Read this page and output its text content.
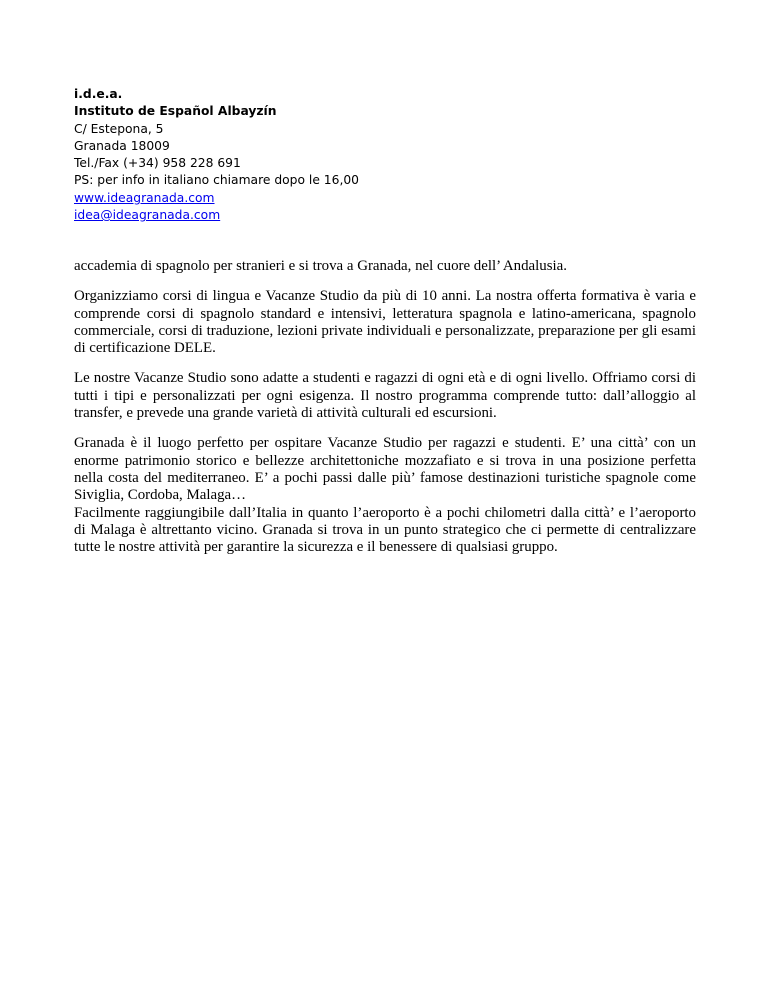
i.d.e.a.
Instituto de Español Albayzín
C/ Estepona, 5
Granada 18009
Tel./Fax (+34) 958 228 691
PS: per info in italiano chiamare dopo le 16,00
www.ideagranada.com
idea@ideagranada.com

accademia di spagnolo per stranieri e si trova a Granada, nel cuore dell’ Andalusia.

Organizziamo corsi di lingua e Vacanze Studio da più di 10 anni. La nostra offerta formativa è varia e comprende corsi di spagnolo standard e intensivi, letteratura spagnola e latino-americana, spagnolo commerciale, corsi di traduzione, lezioni private individuali e personalizzate, preparazione per gli esami di certificazione DELE.

Le nostre Vacanze Studio sono adatte a studenti e ragazzi di ogni età e di ogni livello. Offriamo corsi di tutti i tipi e personalizzati per ogni esigenza. Il nostro programma comprende tutto: dall’alloggio al transfer, e prevede una grande varietà di attività culturali ed escursioni.

Granada è il luogo perfetto per ospitare Vacanze Studio per ragazzi e studenti. E’ una città’ con un enorme patrimonio storico e bellezze architettoniche mozzafiato e si trova in una posizione perfetta nella costa del mediterraneo. E’ a pochi passi dalle più’ famose destinazioni turistiche spagnole come Siviglia, Cordoba, Malaga…

Facilmente raggiungibile dall’Italia in quanto l’aeroporto è a pochi chilometri dalla città’ e l’aeroporto di Malaga è altrettanto vicino. Granada si trova in un punto strategico che ci permette di centralizzare tutte le nostre attività per garantire la sicurezza e il benessere di qualsiasi gruppo.
